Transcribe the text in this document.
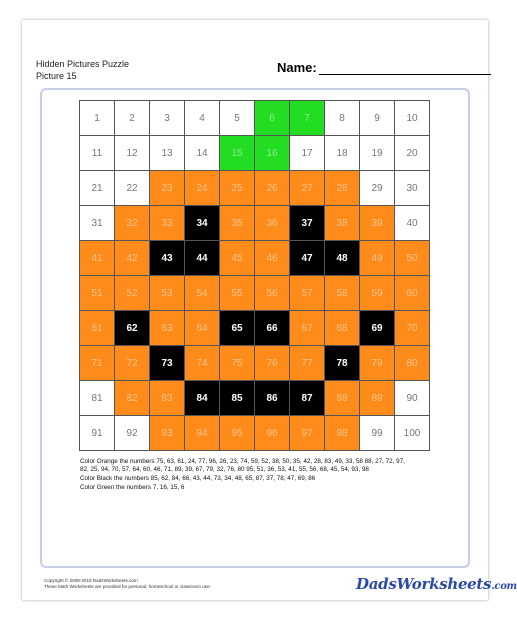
Hidden Pictures Puzzle
Picture 15
Name:
1	2	3	4	5	6	7	8	9	10
11	12	13	14	15	16	17	18	19	20
21	22	23	24	25	26	27	28	29	30
31	32	33	34	35	36	37	38	39	40
41	42	43	44	45	46	47	48	49	50
51	52	53	54	55	56	57	58	59	60
61	62	63	64	65	66	67	68	69	70
71	72	73	74	75	76	77	78	79	80
81	82	83	84	85	86	87	88	89	90
91	92	93	94	95	96	97	98	99	100
Color Orange the numbers 75, 63, 61, 24, 77, 96, 26, 23, 74, 59, 52, 38, 50, 35, 42, 28, 83, 49, 33, 58 88, 27, 72, 97, 82, 25, 94, 70, 57, 64, 60, 46, 71, 89, 39, 67, 79, 32, 76, 80 95, 51, 36, 53, 41, 55, 56, 68, 45, 54, 93, 98
Color Black the numbers 85, 62, 84, 66, 43, 44, 73, 34, 48, 65, 87, 37, 78, 47, 69, 86
Color Green the numbers 7, 16, 15, 6
Copyright © 2008-2019 DadsWorksheets.com
These Math Worksheets are provided for personal, homeschool or classroom use.	DadsWorksheets.com
